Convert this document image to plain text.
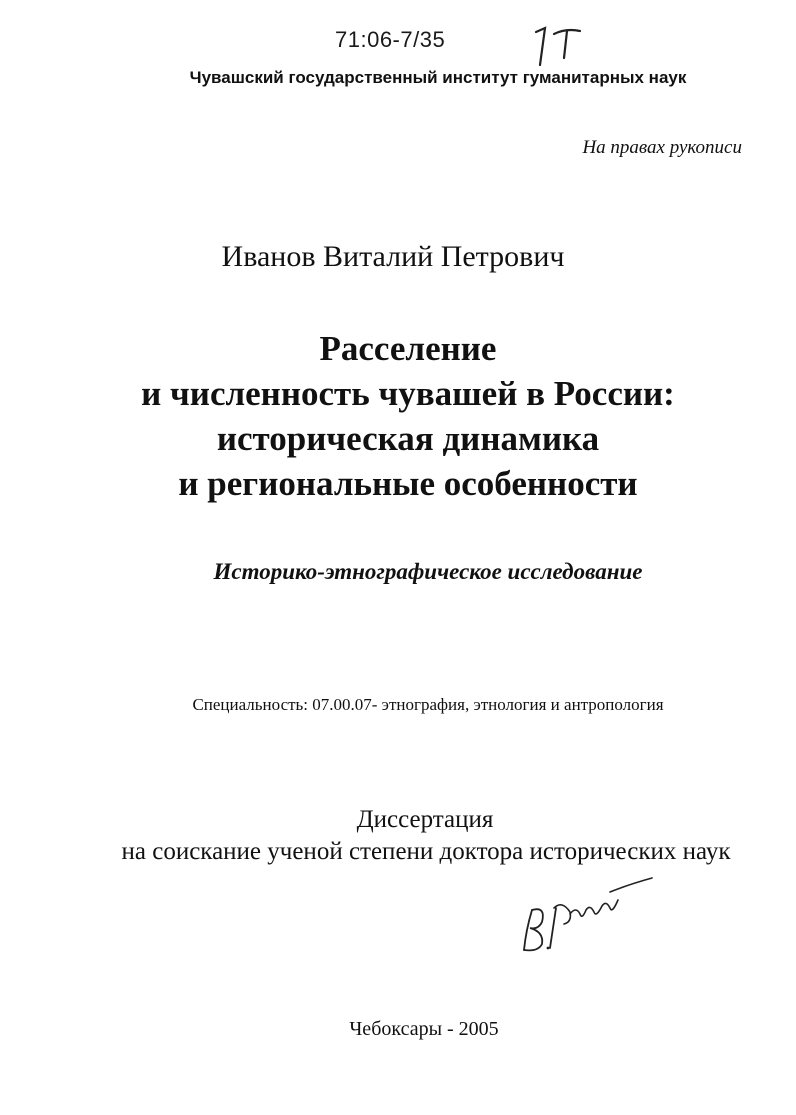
71:06-7/35
Чувашский государственный институт гуманитарных наук
На правах рукописи
Иванов Виталий Петрович
Расселение
и численность чувашей в России:
историческая динамика
и региональные особенности
Историко-этнографическое исследование
Специальность: 07.00.07- этнография, этнология и антропология
Диссертация
на соискание ученой степени доктора исторических наук
Чебоксары - 2005
